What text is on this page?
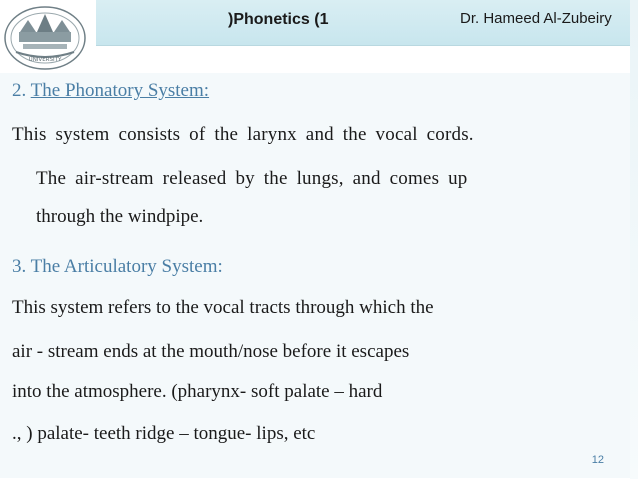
UNIVERSITY
)Phonetics (1	Dr. Hameed Al-Zubeiry
2. The Phonatory System:
This system consists of the larynx and the vocal cords.
The air-stream released by the lungs, and comes up
through the windpipe.
3. The Articulatory System:
This system refers to the vocal tracts through which the
air - stream ends at the mouth/nose before it escapes
into the atmosphere. (pharynx- soft palate – hard
., ) palate- teeth ridge – tongue- lips, etc
12
